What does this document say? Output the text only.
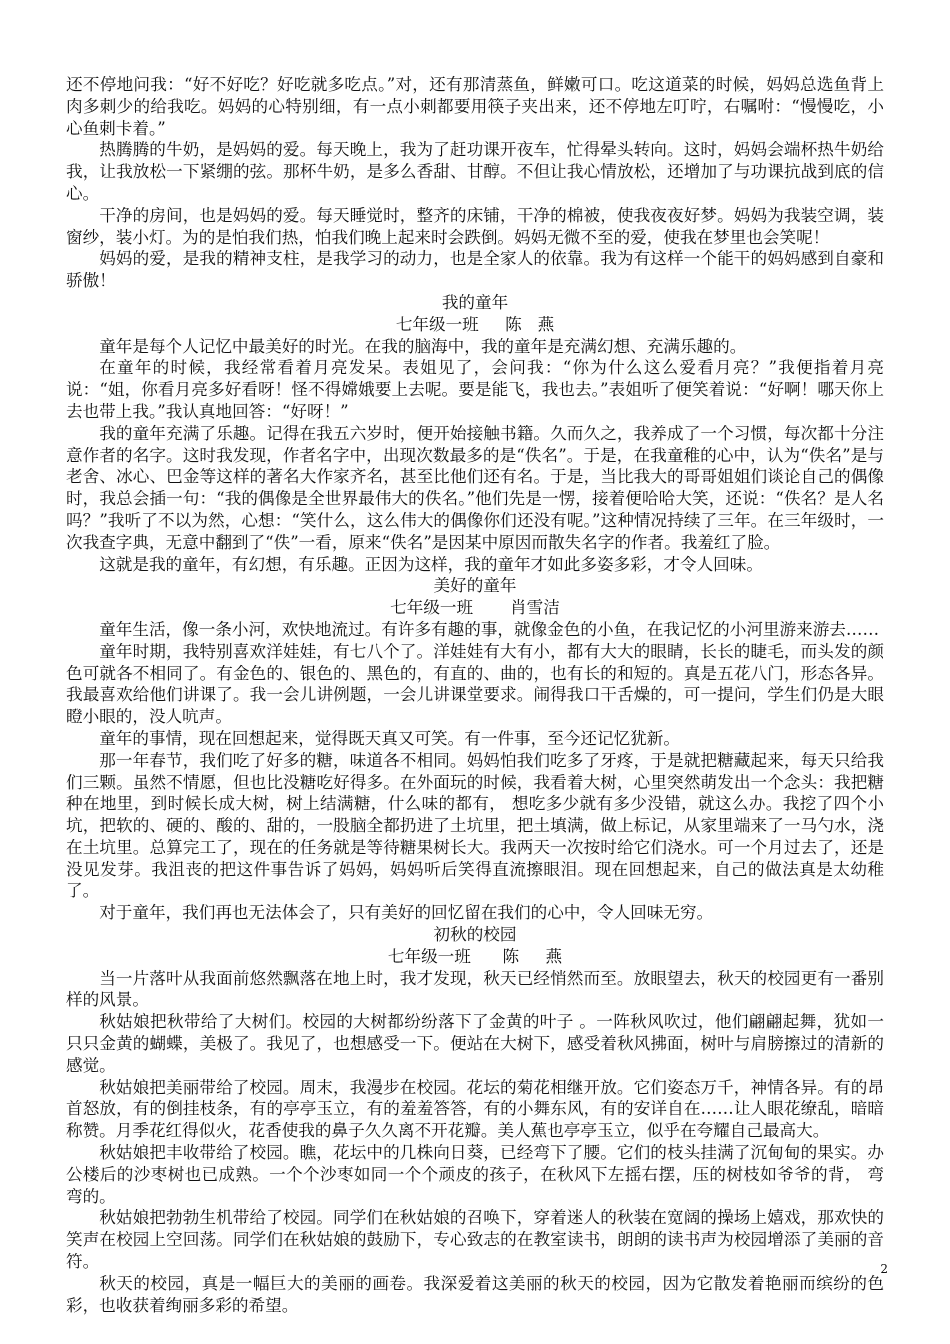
还不停地问我：“好不好吃？好吃就多吃点。”对，还有那清蒸鱼，鲜嫩可口。吃这道菜的时候，妈妈总选鱼背上肉多刺少的给我吃。妈妈的心特别细，有一点小刺都要用筷子夹出来，还不停地左叮咛，右嘱咐：“慢慢吃，小心鱼刺卡着。”

热腾腾的牛奶，是妈妈的爱。每天晚上，我为了赶功课开夜车，忙得晕头转向。这时，妈妈会端杯热牛奶给我，让我放松一下紧绷的弦。那杯牛奶，是多么香甜、甘醇。不但让我心情放松，还增加了与功课抗战到底的信心。

干净的房间，也是妈妈的爱。每天睡觉时，整齐的床铺，干净的棉被，使我夜夜好梦。妈妈为我装空调，装窗纱，装小灯。为的是怕我们热，怕我们晚上起来时会跌倒。妈妈无微不至的爱，使我在梦里也会笑呢！

妈妈的爱，是我的精神支柱，是我学习的动力，也是全家人的依靠。我为有这样一个能干的妈妈感到自豪和骄傲！

我的童年
七年级一班     陈   燕

童年是每个人记忆中最美好的时光。在我的脑海中，我的童年是充满幻想、充满乐趣的。

在童年的时候，我经常看着月亮发呆。表姐见了，会问我：“你为什么这么爱看月亮？”我便指着月亮说：“姐，你看月亮多好看呀！怪不得嫦娥要上去呢。要是能飞，我也去。”表姐听了便笑着说：“好啊！哪天你上去也带上我。”我认真地回答：“好呀！”

我的童年充满了乐趣。记得在我五六岁时，便开始接触书籍。久而久之，我养成了一个习惯，每次都十分注意作者的名字。这时我发现，作者名字中，出现次数最多的是“佚名”。于是，在我童稚的心中，认为“佚名”是与老舍、冰心、巴金等这样的著名大作家齐名，甚至比他们还有名。于是，当比我大的哥哥姐姐们谈论自己的偶像时，我总会插一句：“我的偶像是全世界最伟大的佚名。”他们先是一愣，接着便哈哈大笑，还说：“佚名？是人名吗？”我听了不以为然，心想：“笑什么，这么伟大的偶像你们还没有呢。”这种情况持续了三年。在三年级时，一次我查字典，无意中翻到了“佚”一看，原来“佚名”是因某中原因而散失名字的作者。我羞红了脸。

这就是我的童年，有幻想，有乐趣。正因为这样，我的童年才如此多姿多彩，才令人回味。

美好的童年
七年级一班       肖雪洁

童年生活，像一条小河，欢快地流过。有许多有趣的事，就像金色的小鱼，在我记忆的小河里游来游去……

童年时期，我特别喜欢洋娃娃，有七八个了。洋娃娃有大有小，都有大大的眼睛，长长的睫毛，而头发的颜色可就各不相同了。有金色的、银色的、黑色的，有直的、曲的，也有长的和短的。真是五花八门，形态各异。我最喜欢给他们讲课了。我一会儿讲例题，一会儿讲课堂要求。闹得我口干舌燥的，可一提问，学生们仍是大眼瞪小眼的，没人吭声。

童年的事情，现在回想起来，觉得既天真又可笑。有一件事，至今还记忆犹新。

那一年春节，我们吃了好多的糖，味道各不相同。妈妈怕我们吃多了牙疼，于是就把糖藏起来，每天只给我们三颗。虽然不情愿，但也比没糖吃好得多。在外面玩的时候，我看着大树，心里突然萌发出一个念头：我把糖种在地里，到时候长成大树，树上结满糖，什么味的都有， 想吃多少就有多少没错，就这么办。我挖了四个小坑，把软的、硬的、酸的、甜的，一股脑全都扔进了土坑里，把土填满，做上标记，从家里端来了一马勺水，浇在土坑里。总算完工了，现在的任务就是等待糖果树长大。我两天一次按时给它们浇水。可一个月过去了，还是没见发芽。我沮丧的把这件事告诉了妈妈，妈妈听后笑得直流擦眼泪。现在回想起来，自己的做法真是太幼稚了。

对于童年，我们再也无法体会了，只有美好的回忆留在我们的心中，令人回味无穷。

初秋的校园
七年级一班      陈     燕

当一片落叶从我面前悠然飘落在地上时，我才发现，秋天已经悄然而至。放眼望去，秋天的校园更有一番别样的风景。

秋姑娘把秋带给了大树们。校园的大树都纷纷落下了金黄的叶子 。一阵秋风吹过，他们翩翩起舞，犹如一只只金黄的蝴蝶，美极了。我见了，也想感受一下。便站在大树下，感受着秋风拂面，树叶与肩膀擦过的清新的感觉。

秋姑娘把美丽带给了校园。周末，我漫步在校园。花坛的菊花相继开放。它们姿态万千，神情各异。有的昂首怒放，有的倒挂枝条，有的亭亭玉立，有的羞羞答答，有的小舞东风，有的安详自在……让人眼花缭乱，暗暗称赞。月季花红得似火，花香使我的鼻子久久离不开花瓣。美人蕉也亭亭玉立，似乎在夸耀自己最高大。

秋姑娘把丰收带给了校园。瞧，花坛中的几株向日葵，已经弯下了腰。它们的枝头挂满了沉甸甸的果实。办公楼后的沙枣树也已成熟。一个个沙枣如同一个个顽皮的孩子，在秋风下左摇右摆，压的树枝如爷爷的背， 弯弯的。

秋姑娘把勃勃生机带给了校园。同学们在秋姑娘的召唤下，穿着迷人的秋装在宽阔的操场上嬉戏，那欢快的笑声在校园上空回荡。同学们在秋姑娘的鼓励下，专心致志的在教室读书，朗朗的读书声为校园增添了美丽的音符。

秋天的校园，真是一幅巨大的美丽的画卷。我深爱着这美丽的秋天的校园，因为它散发着艳丽而缤纷的色彩，也收获着绚丽多彩的希望。

2
